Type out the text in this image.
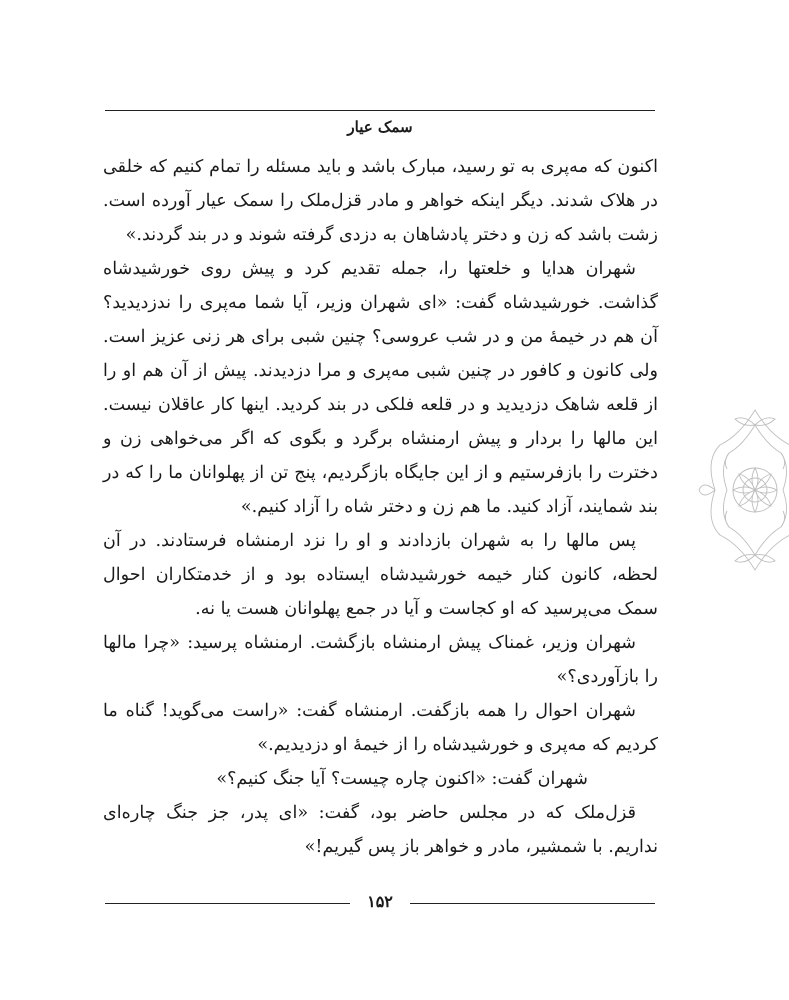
سمک عیار

اکنون که مه‌پری به تو رسید، مبارک باشد و باید مسئله را تمام کنیم که خلقی در هلاک شدند. دیگر اینکه خواهر و مادر قزل‌ملک را سمک عیار آورده است. زشت باشد که زن و دختر پادشاهان به دزدی گرفته شوند و در بند گردند.»

شهران هدایا و خلعتها را، جمله تقدیم کرد و پیش روی خورشیدشاه گذاشت. خورشیدشاه گفت: «ای شهران وزیر، آیا شما مه‌پری را ندزدیدید؟ آن هم در خیمهٔ من و در شب عروسی؟ چنین شبی برای هر زنی عزیز است. ولی کانون و کافور در چنین شبی مه‌پری و مرا دزدیدند. پیش از آن هم او را از قلعه شاهک دزدیدید و در قلعه فلکی در بند کردید. اینها کار عاقلان نیست. این مالها را بردار و پیش ارمنشاه برگرد و بگوی که اگر می‌خواهی زن و دخترت را بازفرستیم و از این جایگاه بازگردیم، پنج تن از پهلوانان ما را که در بند شمایند، آزاد کنید. ما هم زن و دختر شاه را آزاد کنیم.»

پس مالها را به شهران بازدادند و او را نزد ارمنشاه فرستادند. در آن لحظه، کانون کنار خیمه خورشیدشاه ایستاده بود و از خدمتکاران احوال سمک می‌پرسید که او کجاست و آیا در جمع پهلوانان هست یا نه.

شهران وزیر، غمناک پیش ارمنشاه بازگشت. ارمنشاه پرسید: «چرا مالها را بازآوردی؟»

شهران احوال را همه بازگفت. ارمنشاه گفت: «راست می‌گوید! گناه ما کردیم که مه‌پری و خورشیدشاه را از خیمهٔ او دزدیدیم.»

شهران گفت: «اکنون چاره چیست؟ آیا جنگ کنیم؟»

قزل‌ملک که در مجلس حاضر بود، گفت: «ای پدر، جز جنگ چاره‌ای نداریم. با شمشیر، مادر و خواهر باز پس گیریم!»

۱۵۲
